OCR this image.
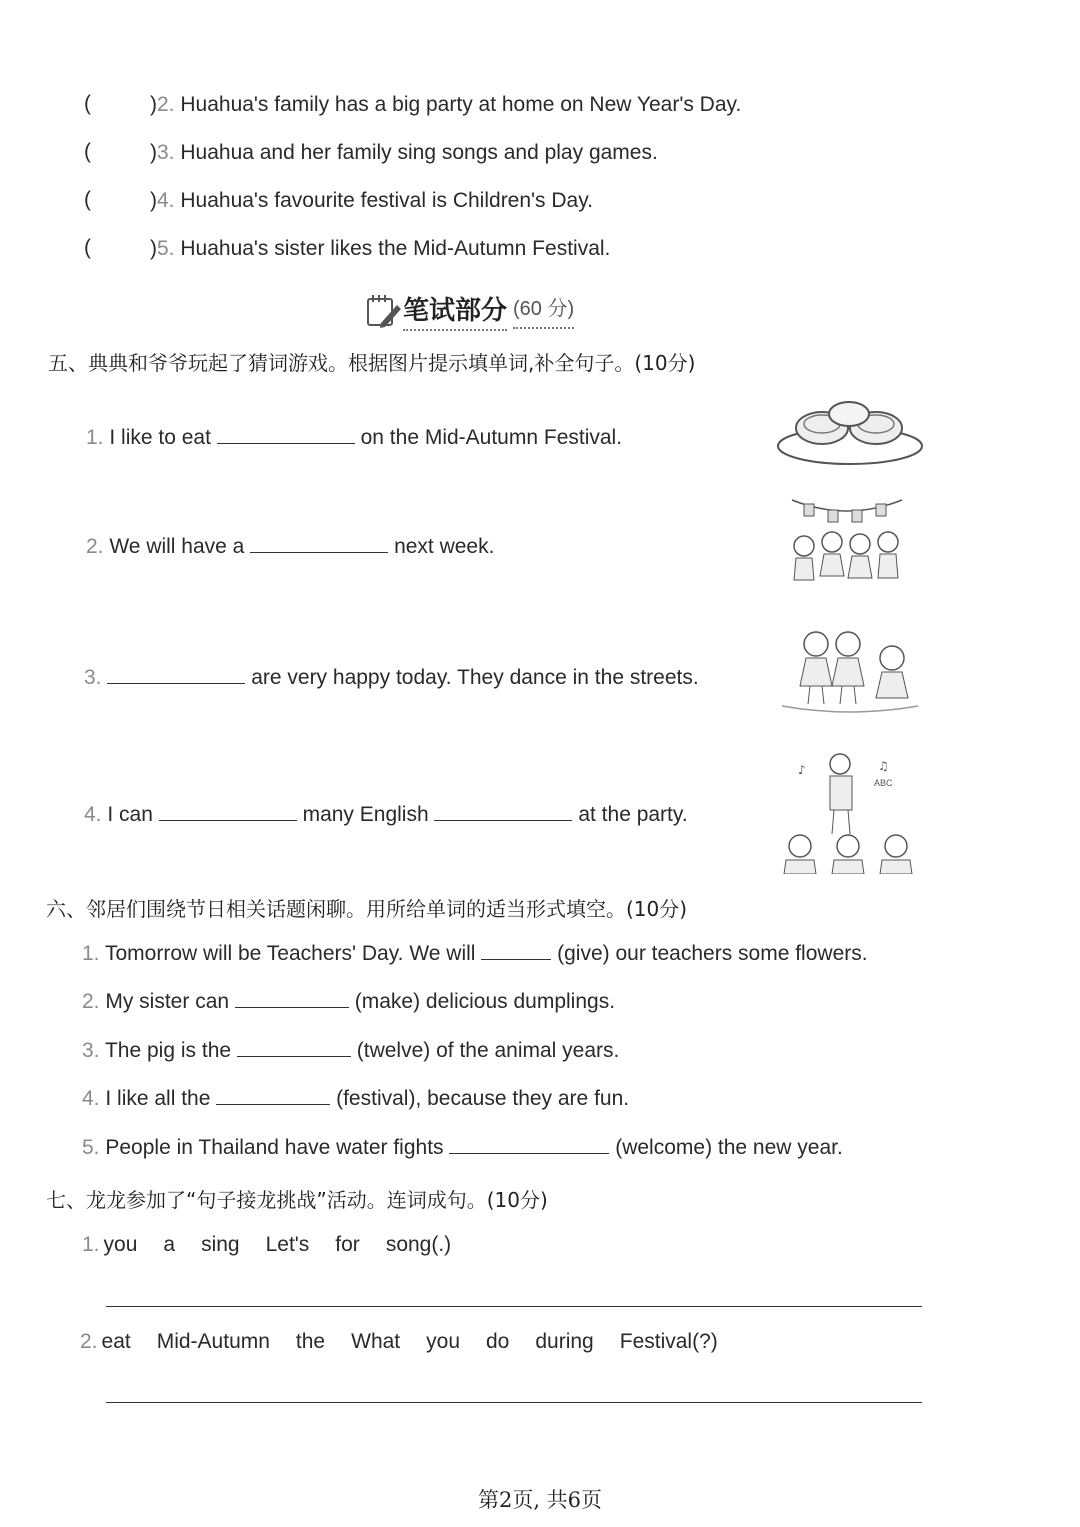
(	)2. Huahua's family has a big party at home on New Year's Day.
(	)3. Huahua and her family sing songs and play games.
(	)4. Huahua's favourite festival is Children's Day.
(	)5. Huahua's sister likes the Mid-Autumn Festival.
笔试部分 (60 分)
五、典典和爷爷玩起了猜词游戏。根据图片提示填单词,补全句子。(10分)
1. I like to eat	on the Mid-Autumn Festival.
2. We will have a	next week.
3.	are very happy today. They dance in the streets.
4. I can	many English	at the party.
ABC
♪	♫
六、邻居们围绕节日相关话题闲聊。用所给单词的适当形式填空。(10分)
1. Tomorrow will be Teachers' Day. We will	(give) our teachers some flowers.
2. My sister can	(make) delicious dumplings.
3. The pig is the	(twelve) of the animal years.
4. I like all the	(festival), because they are fun.
5. People in Thailand have water fights	(welcome) the new year.
七、龙龙参加了“句子接龙挑战”活动。连词成句。(10分)
1. you a sing Let's for song(.)
2. eat Mid-Autumn the What you do during Festival(?)
第2页, 共6页
